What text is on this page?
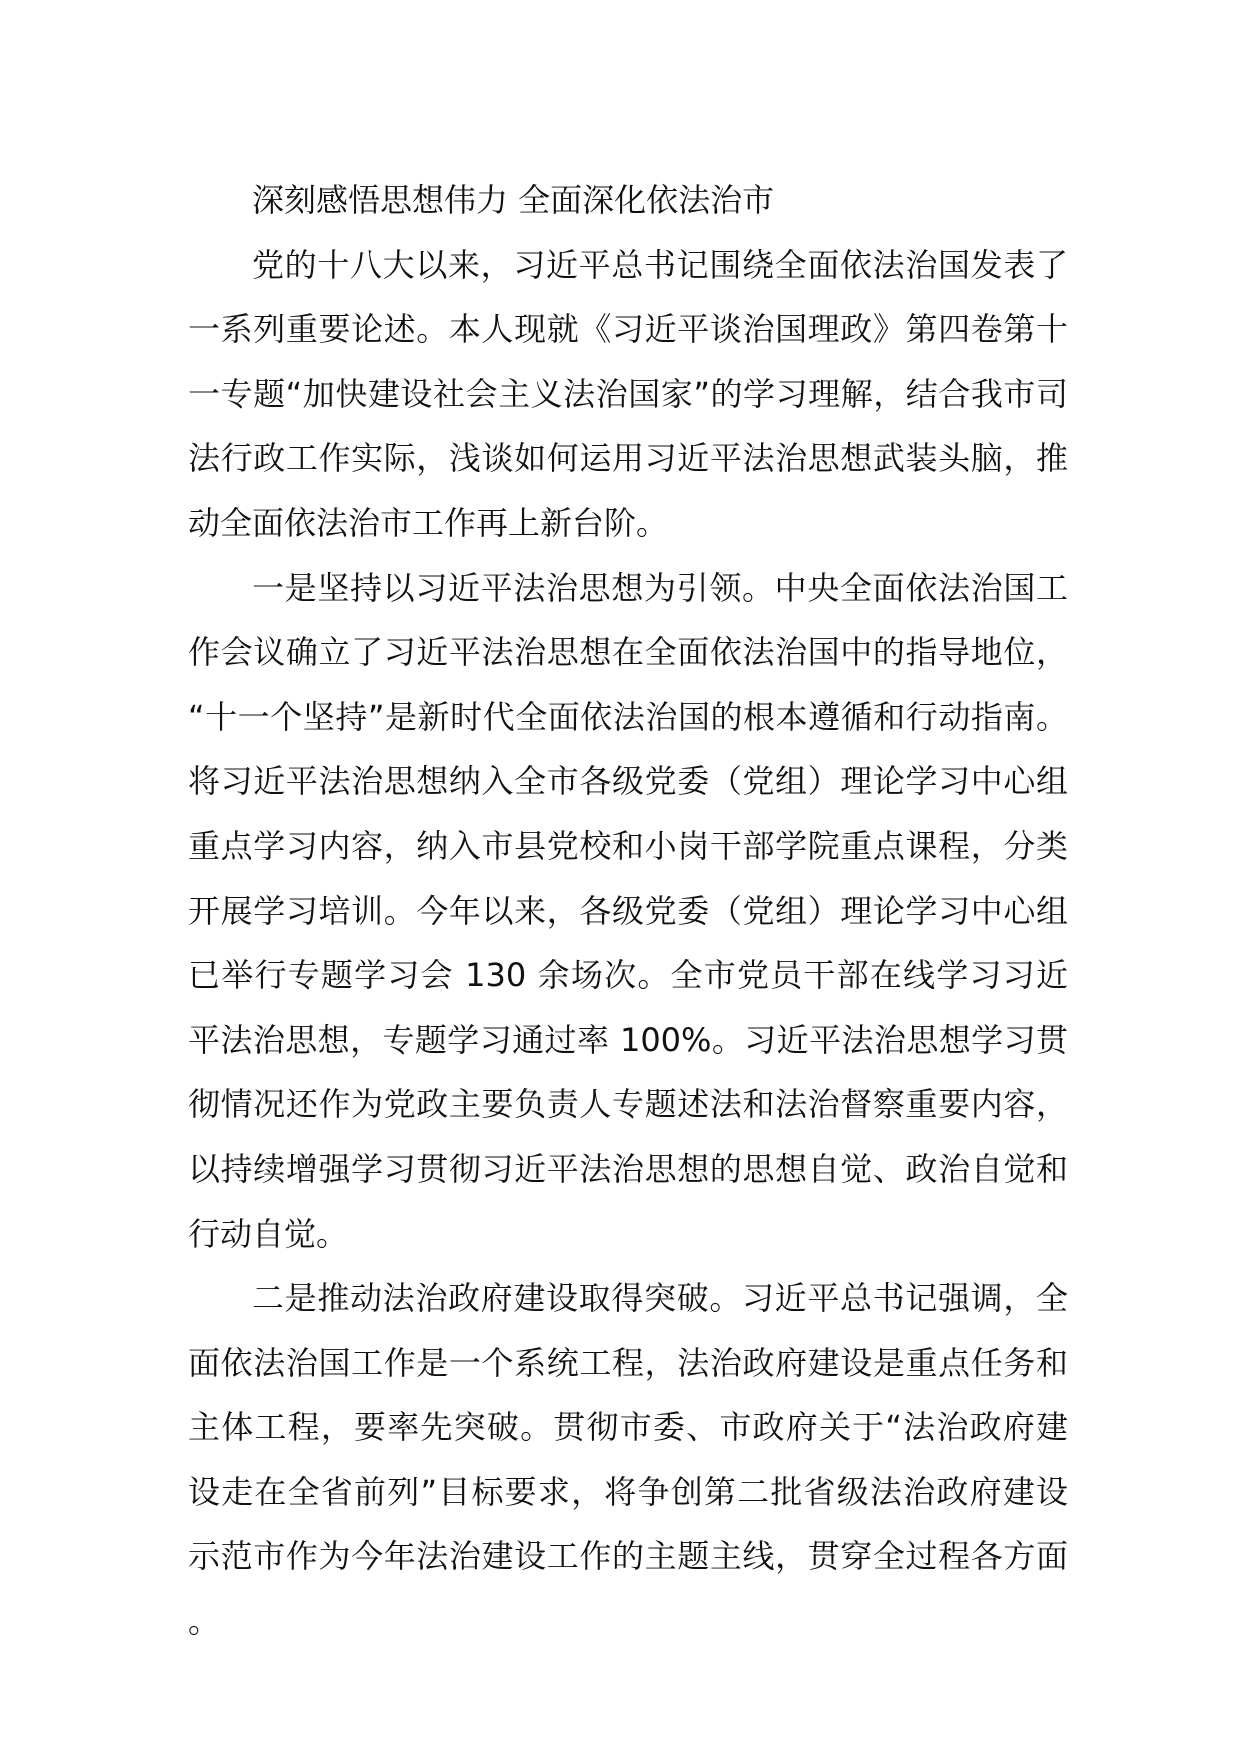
深刻感悟思想伟力 全面深化依法治市

党的十八大以来，习近平总书记围绕全面依法治国发表了一系列重要论述。本人现就《习近平谈治国理政》第四卷第十一专题“加快建设社会主义法治国家”的学习理解，结合我市司法行政工作实际，浅谈如何运用习近平法治思想武装头脑，推动全面依法治市工作再上新台阶。

一是坚持以习近平法治思想为引领。中央全面依法治国工作会议确立了习近平法治思想在全面依法治国中的指导地位，“十一个坚持”是新时代全面依法治国的根本遵循和行动指南。将习近平法治思想纳入全市各级党委（党组）理论学习中心组重点学习内容，纳入市县党校和小岗干部学院重点课程，分类开展学习培训。今年以来，各级党委（党组）理论学习中心组已举行专题学习会 130 余场次。全市党员干部在线学习习近平法治思想，专题学习通过率 100%。习近平法治思想学习贯彻情况还作为党政主要负责人专题述法和法治督察重要内容，以持续增强学习贯彻习近平法治思想的思想自觉、政治自觉和行动自觉。

二是推动法治政府建设取得突破。习近平总书记强调，全面依法治国工作是一个系统工程，法治政府建设是重点任务和主体工程，要率先突破。贯彻市委、市政府关于“法治政府建设走在全省前列”目标要求，将争创第二批省级法治政府建设示范市作为今年法治建设工作的主题主线，贯穿全过程各方面。
